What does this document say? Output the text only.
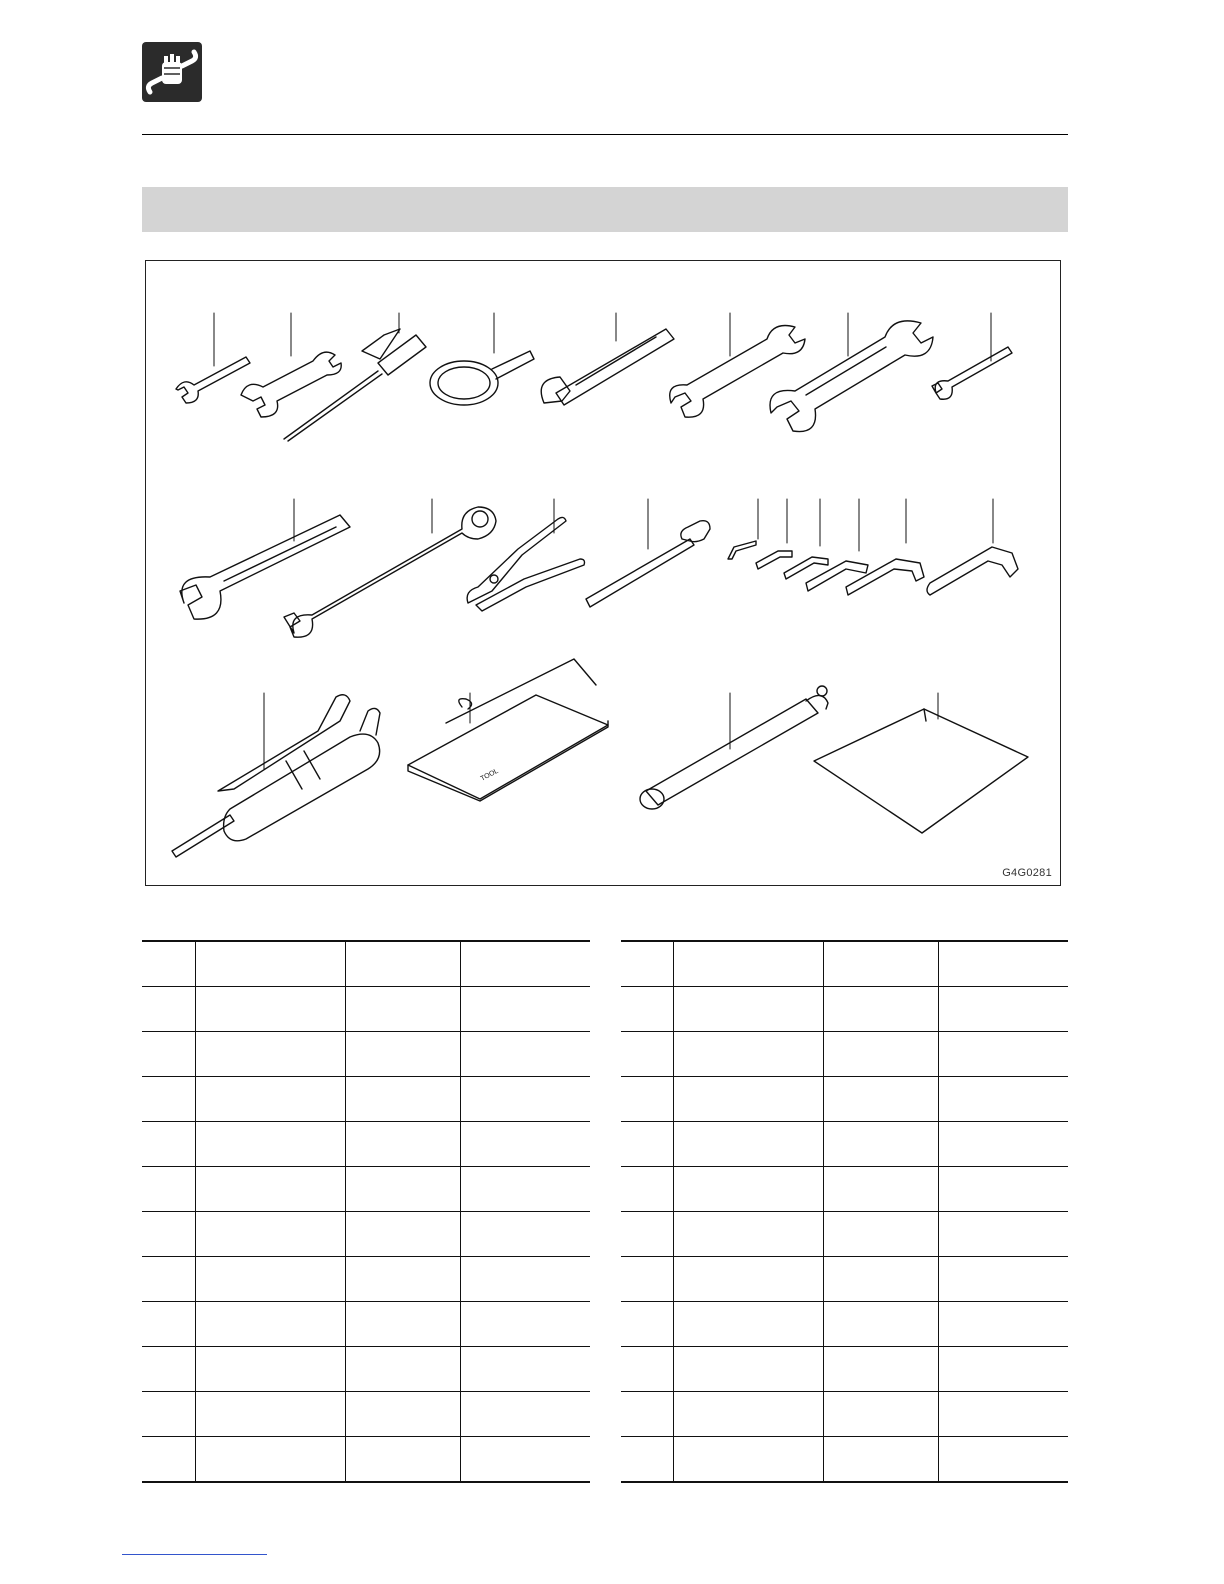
TOOL
G4G0281
